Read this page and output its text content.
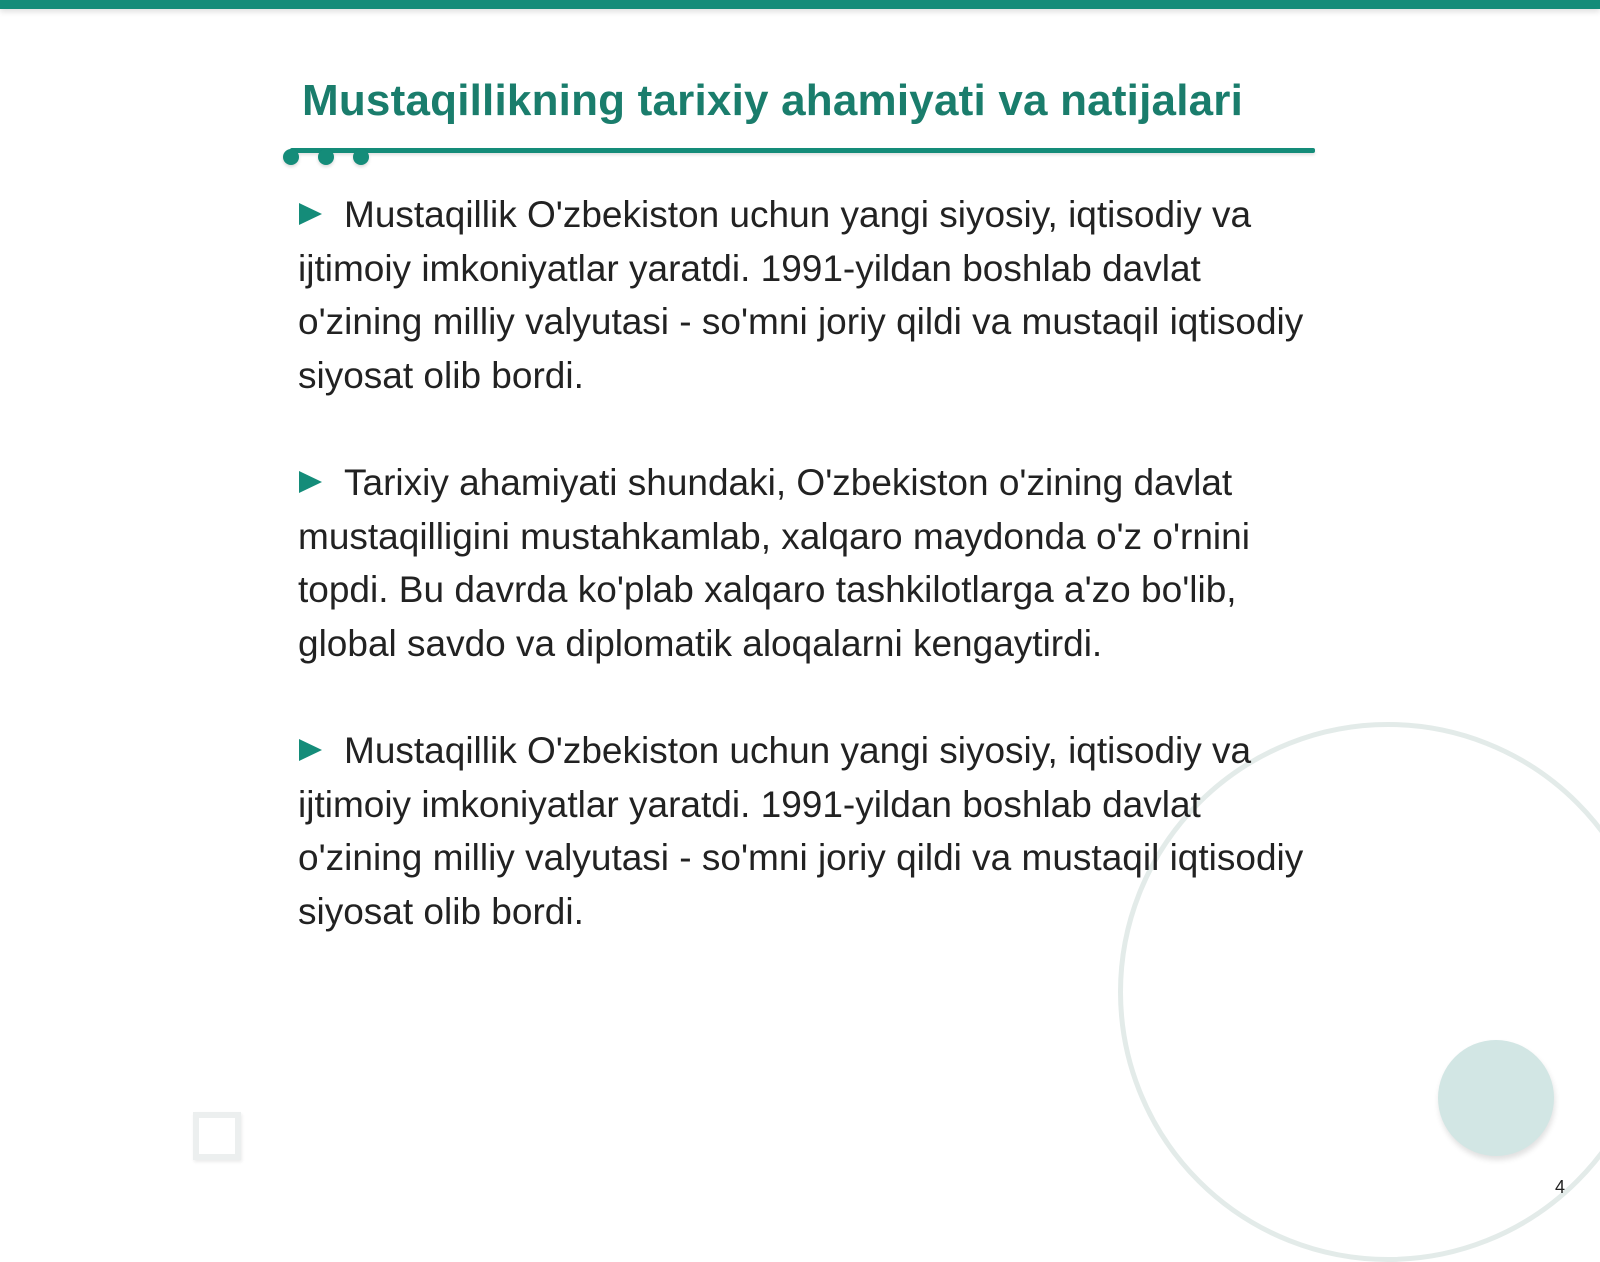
Mustaqillikning tarixiy ahamiyati va natijalari

Mustaqillik O'zbekiston uchun yangi siyosiy, iqtisodiy va ijtimoiy imkoniyatlar yaratdi. 1991-yildan boshlab davlat o'zining milliy valyutasi - so'mni joriy qildi va mustaqil iqtisodiy siyosat olib bordi.

Tarixiy ahamiyati shundaki, O'zbekiston o'zining davlat mustaqilligini mustahkamlab, xalqaro maydonda o'z o'rnini topdi. Bu davrda ko'plab xalqaro tashkilotlarga a'zo bo'lib, global savdo va diplomatik aloqalarni kengaytirdi.

Mustaqillik O'zbekiston uchun yangi siyosiy, iqtisodiy va ijtimoiy imkoniyatlar yaratdi. 1991-yildan boshlab davlat o'zining milliy valyutasi - so'mni joriy qildi va mustaqil iqtisodiy siyosat olib bordi.

4
